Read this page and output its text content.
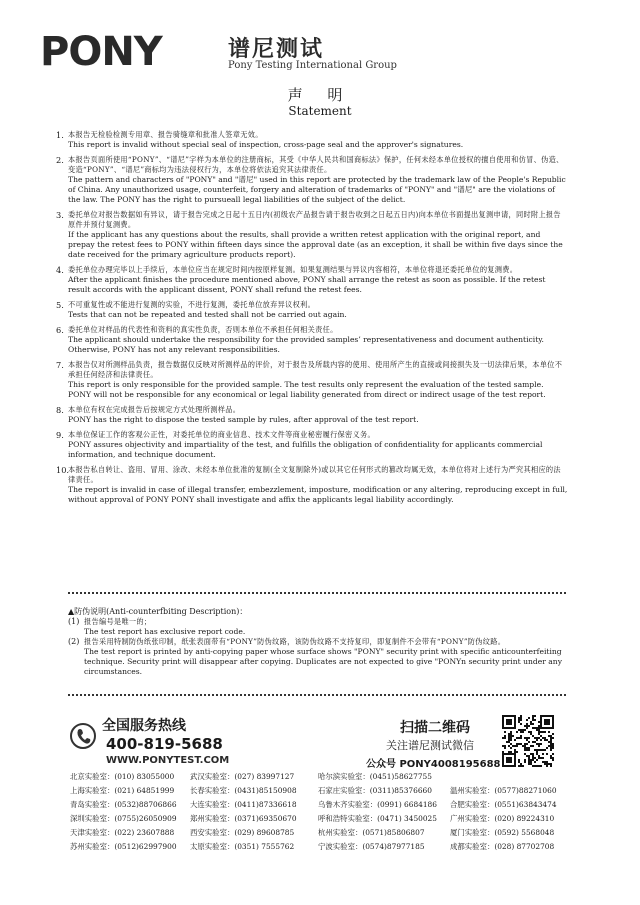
PONY	谱尼测试
Pony Testing International Group
声 明
Statement
1. 本报告无检验检测专用章、报告骑缝章和批准人签章无效。
This report is invalid without special seal of inspection, cross-page seal and the approver's signatures.
2. 本报告页面所使用“PONY”、“谱尼”字样为本单位的注册商标，其受《中华人民共和国商标法》保护，任何未经本单位授权的擅自使用和仿冒、伪造、变造“PONY”、“谱尼”商标均为违法侵权行为，本单位将依法追究其法律责任。
The pattern and characters of "PONY" and "谱尼" used in this report are protected by the trademark law of the People's Republic of China. Any unauthorized usage, counterfeit, forgery and alteration of trademarks of "PONY" and "谱尼" are the violations of the law. The PONY has the right to pursueall legal liabilities of the subject of the delict.
3. 委托单位对报告数据如有异议，请于报告完成之日起十五日内(初级农产品报告请于报告收到之日起五日内)向本单位书面提出复测申请，同时附上报告原件并预付复测费。
If the applicant has any questions about the results, shall provide a written retest application with the original report, and prepay the retest fees to PONY within fifteen days since the approval date (as an exception, it shall be within five days since the date received for the primary agriculture products report).
4. 委托单位办理完毕以上手续后，本单位应当在规定时间内按原样复测。如果复测结果与异议内容相符，本单位将退还委托单位的复测费。
After the applicant finishes the procedure mentioned above, PONY shall arrange the retest as soon as possible. If the retest result accords with the applicant dissent, PONY shall refund the retest fees.
5. 不可重复性或不能进行复测的实验，不进行复测，委托单位放弃异议权利。
Tests that can not be repeated and tested shall not be carried out again.
6. 委托单位对样品的代表性和资料的真实性负责，否则本单位不承担任何相关责任。
The applicant should undertake the responsibility for the provided samples’ representativeness and document authenticity.
Otherwise, PONY has not any relevant responsibilities.
7. 本报告仅对所测样品负责，报告数据仅反映对所测样品的评价，对于报告及所载内容的使用、使用所产生的直接或间接损失及一切法律后果，本单位不承担任何经济和法律责任。
This report is only responsible for the provided sample. The test results only represent the evaluation of the tested sample. PONY will not be responsible for any economical or legal liability generated from direct or indirect usage of the test report.
8. 本单位有权在完成报告后按规定方式处理所测样品。
PONY has the right to dispose the tested sample by rules, after approval of the test report.
9. 本单位保证工作的客观公正性，对委托单位的商业信息、技术文件等商业秘密履行保密义务。
PONY assures objectivity and impartiality of the test, and fulfills the obligation of confidentiality for applicants commercial information, and technique document.
10.
本报告私自转让、盗用、冒用、涂改、未经本单位批准的复制(全文复制除外)或以其它任何形式的篡改均属无效，本单位将对上述行为严究其相应的法律责任。
The report is invalid in case of illegal transfer, embezzlement, imposture, modification or any altering, reproducing except in full, without approval of PONY PONY shall investigate and affix the applicants legal liability accordingly.
▲防伪说明(Anti-counterfbiting Description)：
(1) 报告编号是唯一的；
The test report has exclusive report code.
(2) 报告采用特制防伪纸张印制，纸张表面带有“PONY”防伪纹路，该防伪纹路不支持复印，即复制件不会带有“PONY”防伪纹路。
The test report is printed by anti-copying paper whose surface shows "PONY" security print with specific anticounterfeiting technique. Security print will disappear after copying. Duplicates are not expected to give "PONYn security print under any circumstances.
全国服务热线
400-819-5688
WWW.PONYTEST.COM
扫描二维码
关注谱尼测试微信
公众号 PONY4008195688
北京实验室：(010) 83055000 武汉实验室：(027) 83997127	哈尔滨实验室：(0451)58627755
上海实验室：(021) 64851999 长春实验室：(0431)85150908	石家庄实验室：(0311)85376660 温州实验室：(0577)88271060
青岛实验室：(0532)88706866 大连实验室：(0411)87336618	乌鲁木齐实验室：(0991) 6684186 合肥实验室：(0551)63843474
深圳实验室：(0755)26050909 郑州实验室：(0371)69350670	呼和浩特实验室：(0471) 3450025 广州实验室：(020) 89224310
天津实验室：(022) 23607888 西安实验室：(029) 89608785	杭州实验室：(0571)85806807	厦门实验室：(0592) 5568048
苏州实验室：(0512)62997900 太原实验室：(0351) 7555762	宁波实验室：(0574)87977185	成都实验室：(028) 87702708
